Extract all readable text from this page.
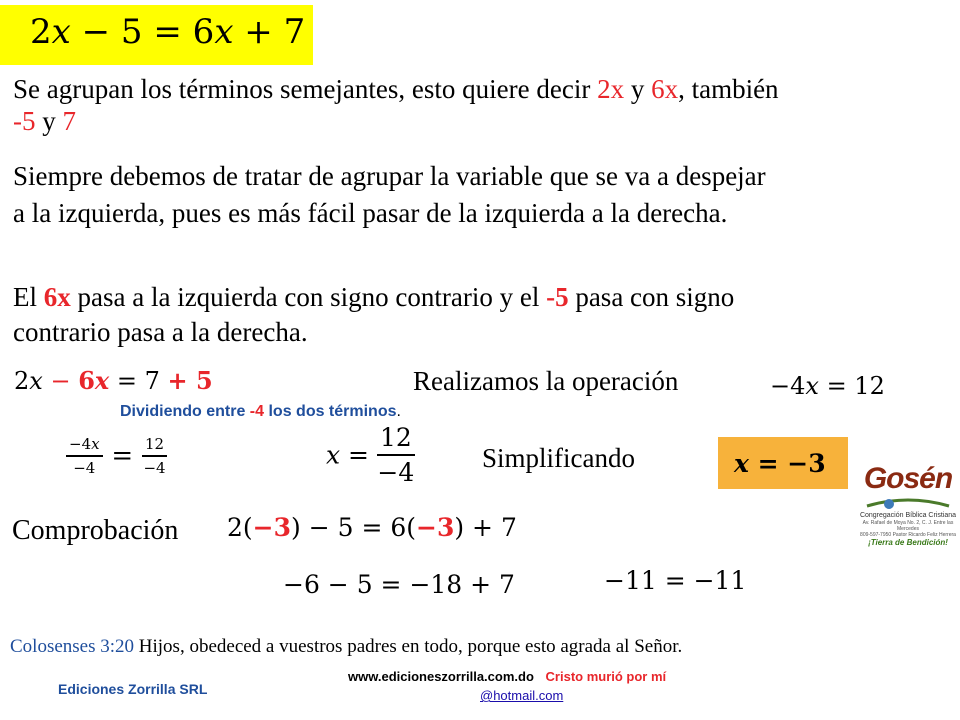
2x − 5 = 6x + 7
Se agrupan los términos semejantes, esto quiere decir 2x y 6x, también
-5 y 7
Siempre debemos de tratar de agrupar la variable que se va a despejar
a la izquierda, pues es más fácil pasar de la izquierda a la derecha.
El 6x pasa a la izquierda con signo contrario y el -5 pasa con signo
contrario pasa a la derecha.
2x − 6x = 7 + 5	Realizamos la operación	−4x = 12
Dividiendo entre -4 los dos términos.
$\frac{-4x}{-4} = \frac{12}{-4}$	$x = \frac{12}{-4}$ Simplificando	x = −3 Gosén
Congregación Bíblica Cristiana
Av. Rafael de Moya No. 2, C. J. Entre las Mercedes
809-597-7950 Pastor Ricardo Feliz Herrera
¡Tierra de Bendición!
Comprobación 2(−3) − 5 = 6(−3) + 7
−6 − 5 = −18 + 7	−11 = −11
Colosenses 3:20 Hijos, obedeced a vuestros padres en todo, porque esto agrada al Señor.
Ediciones Zorrilla SRL
www.edicioneszorrilla.com.do Cristo murió por mí
@hotmail.com
